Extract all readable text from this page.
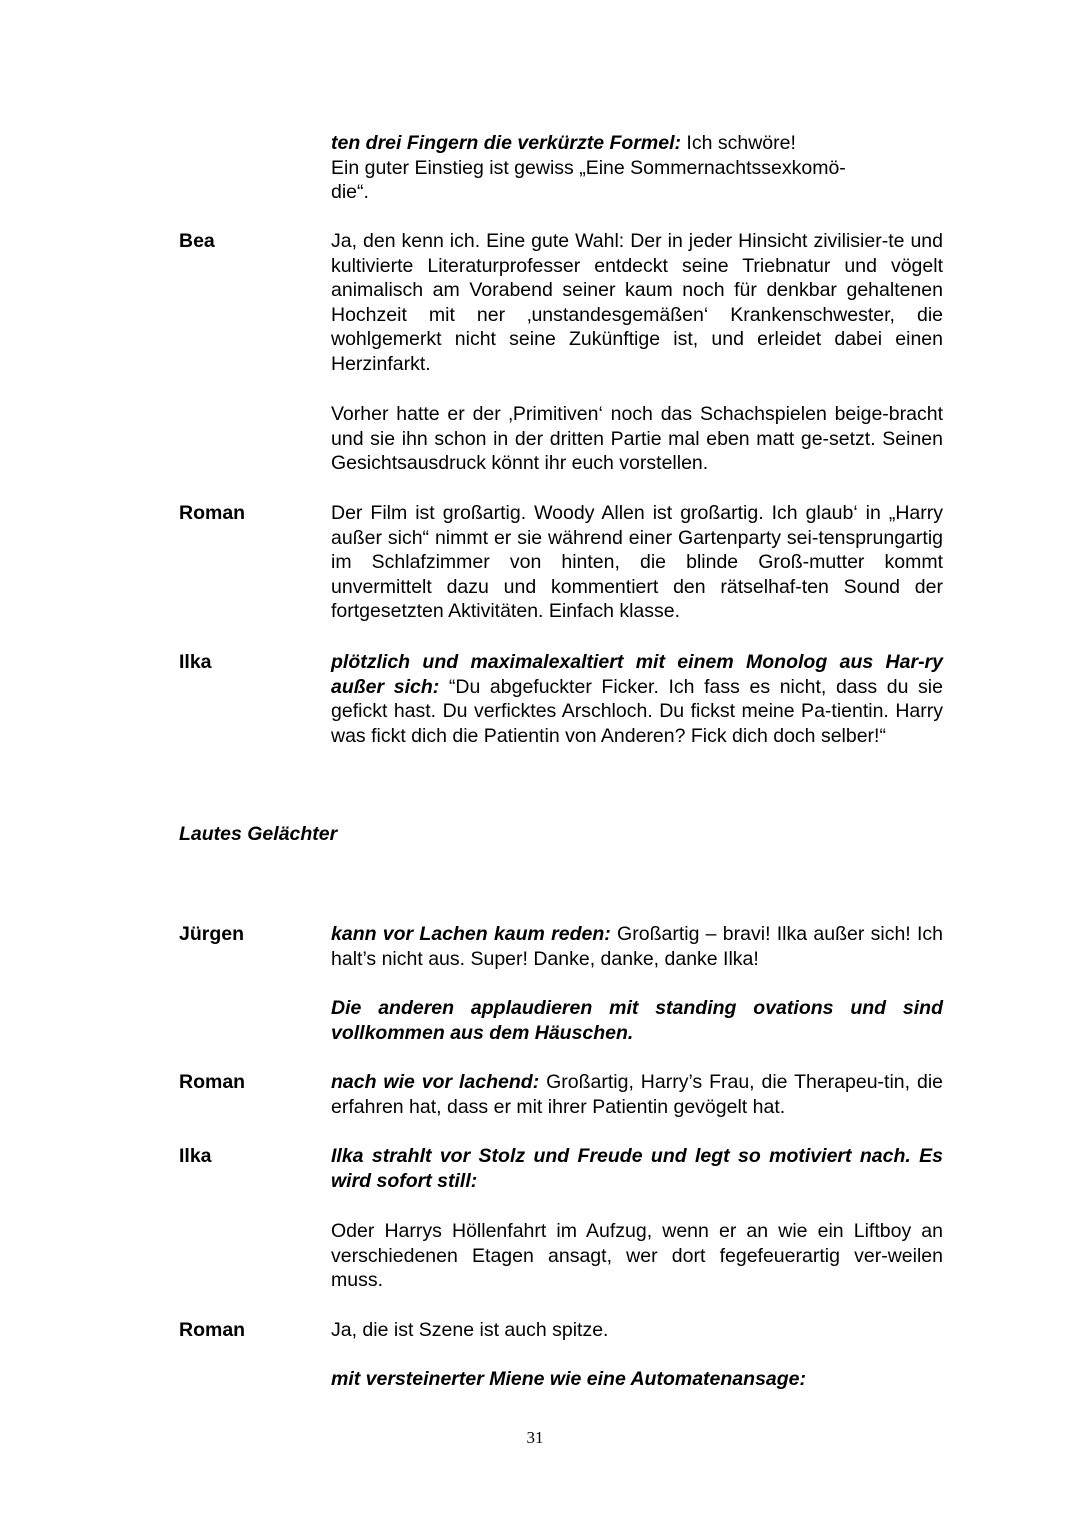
ten drei Fingern die verkürzte Formel: Ich schwöre!
Ein guter Einstieg ist gewiss „Eine Sommernachtssexkomö-
die“.
Bea	Ja, den kenn ich. Eine gute Wahl: Der in jeder Hinsicht zivilisier-te und kultivierte Literaturprofesser entdeckt seine Triebnatur und vögelt animalisch am Vorabend seiner kaum noch für denkbar gehaltenen Hochzeit mit ner ‚unstandesgemäßen‘ Krankenschwester, die wohlgemerkt nicht seine Zukünftige ist, und erleidet dabei einen Herzinfarkt.
Vorher hatte er der ‚Primitiven‘ noch das Schachspielen beige-bracht und sie ihn schon in der dritten Partie mal eben matt ge-setzt. Seinen Gesichtsausdruck könnt ihr euch vorstellen.
Roman	Der Film ist großartig. Woody Allen ist großartig. Ich glaub‘ in „Harry außer sich“ nimmt er sie während einer Gartenparty sei-tensprungartig im Schlafzimmer von hinten, die blinde Groß-mutter kommt unvermittelt dazu und kommentiert den rätselhaf-ten Sound der fortgesetzten Aktivitäten. Einfach klasse.
Ilka	plötzlich und maximalexaltiert mit einem Monolog aus Har-ry außer sich: “Du abgefuckter Ficker. Ich fass es nicht, dass du sie gefickt hast. Du verficktes Arschloch. Du fickst meine Pa-tientin. Harry was fickt dich die Patientin von Anderen? Fick dich doch selber!“
Lautes Gelächter
Jürgen	kann vor Lachen kaum reden: Großartig – bravi! Ilka außer sich! Ich halt’s nicht aus. Super! Danke, danke, danke Ilka!
Die anderen applaudieren mit standing ovations und sind vollkommen aus dem Häuschen.
Roman	nach wie vor lachend: Großartig, Harry’s Frau, die Therapeu-tin, die erfahren hat, dass er mit ihrer Patientin gevögelt hat.
Ilka	Ilka strahlt vor Stolz und Freude und legt so motiviert nach. Es wird sofort still:
Oder Harrys Höllenfahrt im Aufzug, wenn er an wie ein Liftboy an verschiedenen Etagen ansagt, wer dort fegefeuerartig ver-weilen muss.
Roman	Ja, die ist Szene ist auch spitze.
mit versteinerter Miene wie eine Automatenansage:
31
